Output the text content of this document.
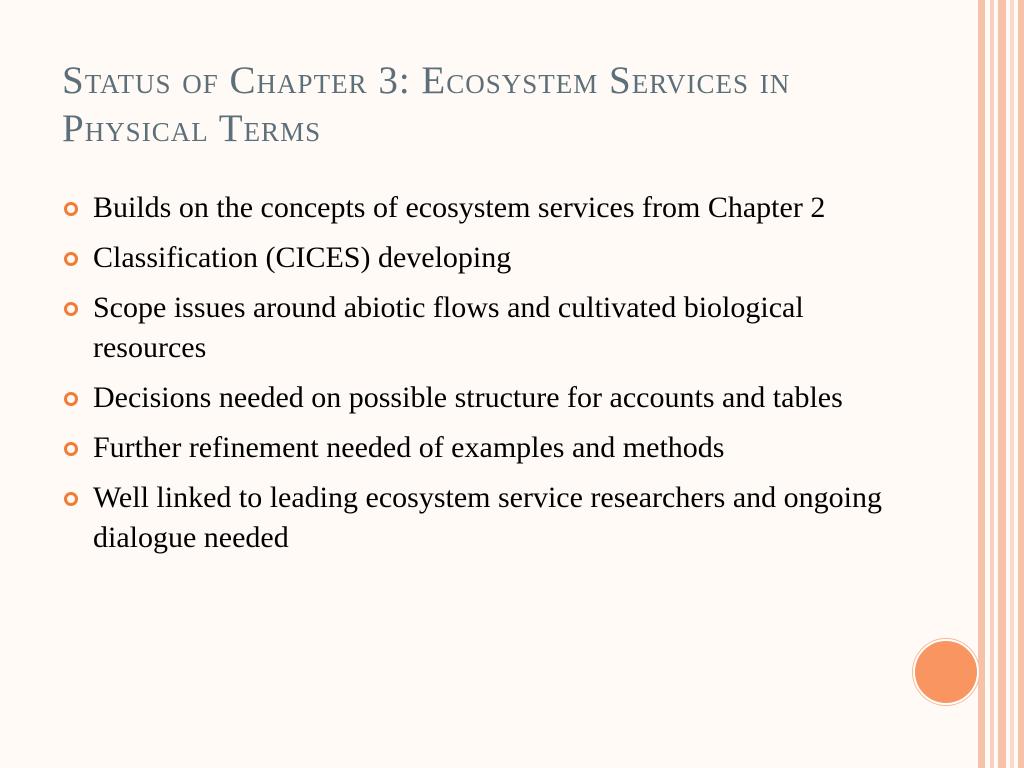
Status of Chapter 3: Ecosystem Services in Physical Terms
Builds on the concepts of ecosystem services from Chapter 2
Classification (CICES) developing
Scope issues around abiotic flows and cultivated biological resources
Decisions needed on possible structure for accounts and tables
Further refinement needed of examples and methods
Well linked to leading ecosystem service researchers and ongoing dialogue needed
